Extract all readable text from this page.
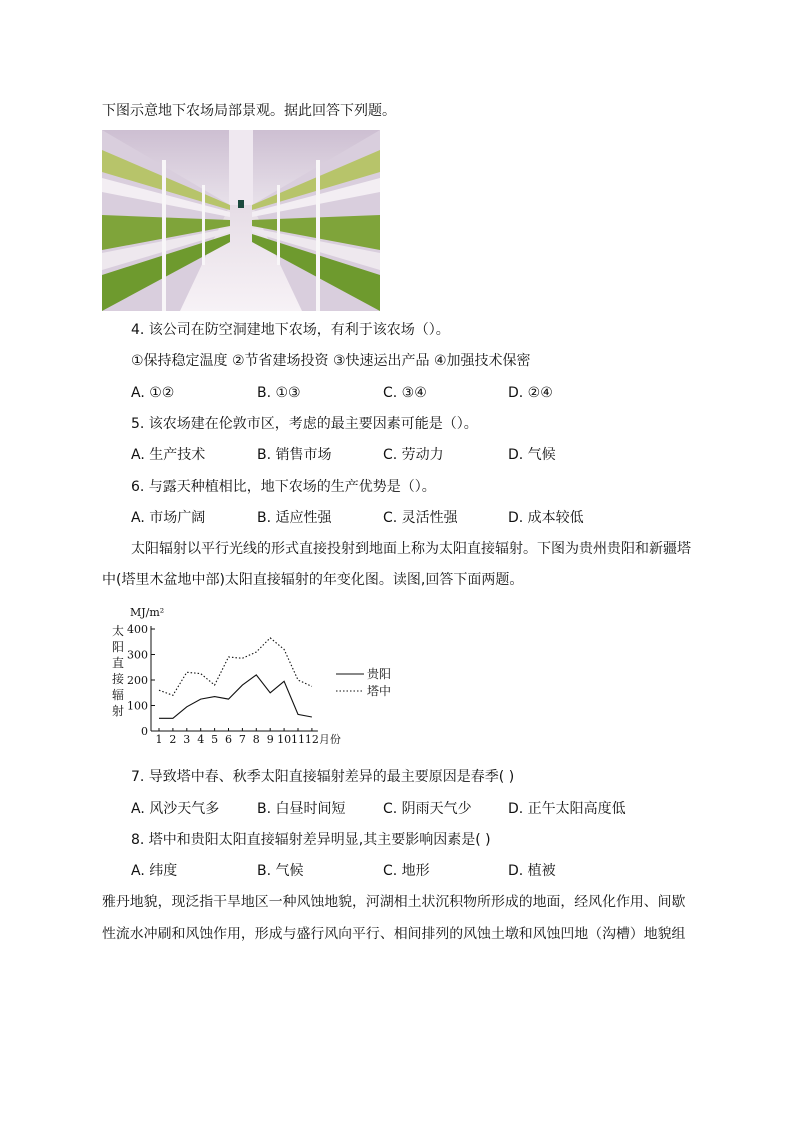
下图示意地下农场局部景观。据此回答下列题。
4. 该公司在防空洞建地下农场，有利于该农场（）。
①保持稳定温度 ②节省建场投资 ③快速运出产品 ④加强技术保密
A. ①②	B. ①③	C. ③④	D. ②④
5. 该农场建在伦敦市区，考虑的最主要因素可能是（）。
A. 生产技术	B. 销售市场	C. 劳动力	D. 气候
6. 与露天种植相比，地下农场的生产优势是（）。
A. 市场广阔	B. 适应性强	C. 灵活性强	D. 成本较低
太阳辐射以平行光线的形式直接投射到地面上称为太阳直接辐射。下图为贵州贵阳和新疆塔
中(塔里木盆地中部)太阳直接辐射的年变化图。读图,回答下面两题。
MJ/m²
太
阳
直
接
辐
射
0
100
200
300
400
1 2 3 4 5 6 7 8 9 10 11 12 月份
贵阳
塔中
7. 导致塔中春、秋季太阳直接辐射差异的最主要原因是春季( )
A. 风沙天气多	B. 白昼时间短	C. 阴雨天气少	D. 正午太阳高度低
8. 塔中和贵阳太阳直接辐射差异明显,其主要影响因素是( )
A. 纬度	B. 气候	C. 地形	D. 植被
雅丹地貌，现泛指干旱地区一种风蚀地貌，河湖相土状沉积物所形成的地面，经风化作用、间歇
性流水冲刷和风蚀作用，形成与盛行风向平行、相间排列的风蚀土墩和风蚀凹地（沟槽）地貌组
